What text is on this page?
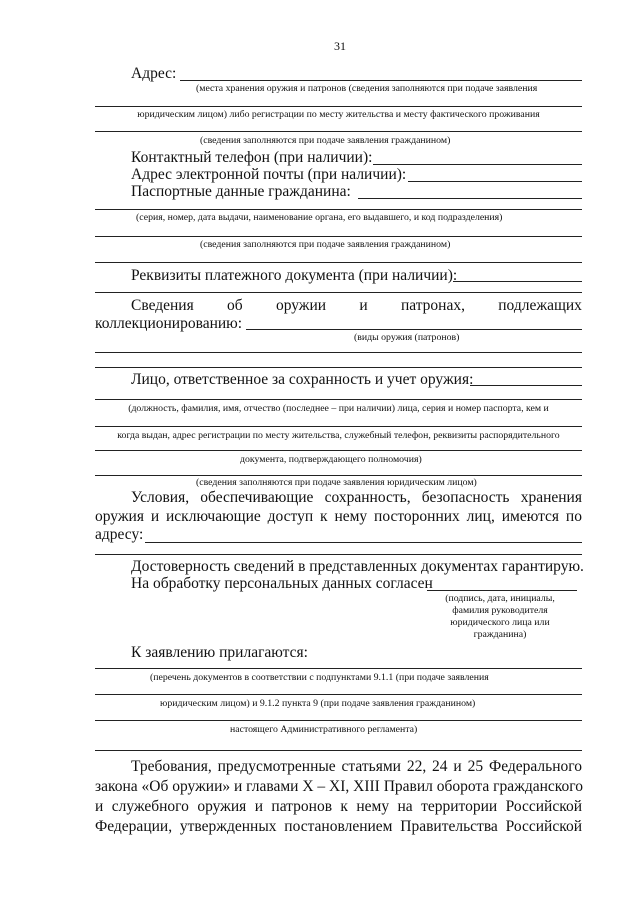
31
Адрес:
(места хранения оружия и патронов (сведения заполняются при подаче заявления
юридическим лицом) либо регистрации по месту жительства и месту фактического проживания
(сведения заполняются при подаче заявления гражданином)
Контактный телефон (при наличии):
Адрес электронной почты (при наличии):
Паспортные данные гражданина:
(серия, номер, дата выдачи, наименование органа, его выдавшего, и код подразделения)
(сведения заполняются при подаче заявления гражданином)
Реквизиты платежного документа (при наличии):
Сведения об оружии и патронах, подлежащих
коллекционированию:
(виды оружия (патронов)
Лицо, ответственное за сохранность и учет оружия:
(должность, фамилия, имя, отчество (последнее – при наличии) лица, серия и номер паспорта, кем и
когда выдан, адрес регистрации по месту жительства, служебный телефон, реквизиты распорядительного
документа, подтверждающего полномочия)
(сведения заполняются при подаче заявления юридическим лицом)
Условия, обеспечивающие сохранность, безопасность хранения
оружия и исключающие доступ к нему посторонних лиц, имеются по
адресу:
Достоверность сведений в представленных документах гарантирую.
На обработку персональных данных согласен
(подпись, дата, инициалы,
фамилия руководителя
юридического лица или
гражданина)
К заявлению прилагаются:
(перечень документов в соответствии с подпунктами 9.1.1 (при подаче заявления
юридическим лицом) и 9.1.2 пункта 9 (при подаче заявления гражданином)
настоящего Административного регламента)
Требования, предусмотренные статьями 22, 24 и 25 Федерального
закона «Об оружии» и главами X – XI, XIII Правил оборота гражданского
и служебного оружия и патронов к нему на территории Российской
Федерации, утвержденных постановлением Правительства Российской
